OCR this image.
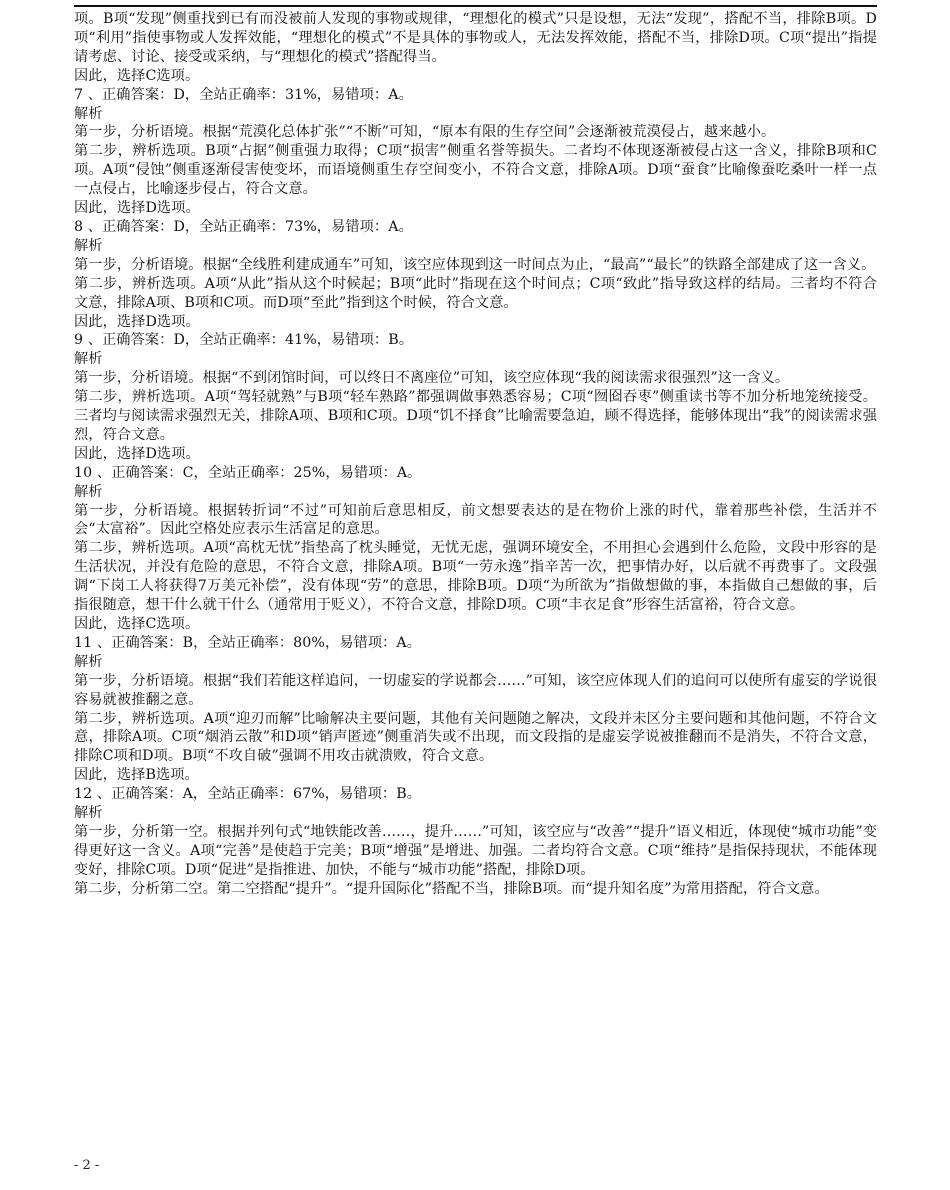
项。B项“发现”侧重找到已有而没被前人发现的事物或规律，“理想化的模式”只是设想，无法“发现”，搭配不当，排除B项。D项“利用”指使事物或人发挥效能，“理想化的模式”不是具体的事物或人，无法发挥效能，搭配不当，排除D项。C项“提出”指提请考虑、讨论、接受或采纳，与“理想化的模式”搭配得当。

因此，选择C选项。

7 、正确答案：D，全站正确率：31%，易错项：A。

解析

第一步，分析语境。根据“荒漠化总体扩张”“不断”可知，“原本有限的生存空间”会逐渐被荒漠侵占，越来越小。

第二步，辨析选项。B项“占据”侧重强力取得；C项“损害”侧重名誉等损失。二者均不体现逐渐被侵占这一含义，排除B项和C项。A项“侵蚀”侧重逐渐侵害使变坏，而语境侧重生存空间变小，不符合文意，排除A项。D项“蚕食”比喻像蚕吃桑叶一样一点一点侵占，比喻逐步侵占，符合文意。

因此，选择D选项。

8 、正确答案：D，全站正确率：73%，易错项：A。

解析

第一步，分析语境。根据“全线胜利建成通车”可知，该空应体现到这一时间点为止，“最高”“最长”的铁路全部建成了这一含义。

第二步，辨析选项。A项“从此”指从这个时候起；B项“此时”指现在这个时间点；C项“致此”指导致这样的结局。三者均不符合文意，排除A项、B项和C项。而D项“至此”指到这个时候，符合文意。

因此，选择D选项。

9 、正确答案：D，全站正确率：41%，易错项：B。

解析

第一步，分析语境。根据“不到闭馆时间，可以终日不离座位”可知，该空应体现“我的阅读需求很强烈”这一含义。

第二步，辨析选项。A项“驾轻就熟”与B项“轻车熟路”都强调做事熟悉容易；C项“囫囵吞枣”侧重读书等不加分析地笼统接受。三者均与阅读需求强烈无关，排除A项、B项和C项。D项“饥不择食”比喻需要急迫，顾不得选择，能够体现出“我”的阅读需求强烈，符合文意。

因此，选择D选项。

10 、正确答案：C，全站正确率：25%，易错项：A。

解析

第一步，分析语境。根据转折词“不过”可知前后意思相反，前文想要表达的是在物价上涨的时代，靠着那些补偿，生活并不会“太富裕”。因此空格处应表示生活富足的意思。

第二步，辨析选项。A项“高枕无忧”指垫高了枕头睡觉，无忧无虑，强调环境安全，不用担心会遇到什么危险，文段中形容的是生活状况，并没有危险的意思，不符合文意，排除A项。B项“一劳永逸”指辛苦一次，把事情办好，以后就不再费事了。文段强调“下岗工人将获得7万美元补偿”，没有体现“劳”的意思，排除B项。D项“为所欲为”指做想做的事，本指做自己想做的事，后指很随意，想干什么就干什么（通常用于贬义），不符合文意，排除D项。C项“丰衣足食”形容生活富裕，符合文意。

因此，选择C选项。

11 、正确答案：B，全站正确率：80%，易错项：A。

解析

第一步，分析语境。根据“我们若能这样追问，一切虚妄的学说都会……”可知，该空应体现人们的追问可以使所有虚妄的学说很容易就被推翻之意。

第二步，辨析选项。A项“迎刃而解”比喻解决主要问题，其他有关问题随之解决，文段并未区分主要问题和其他问题，不符合文意，排除A项。C项“烟消云散”和D项“销声匿迹”侧重消失或不出现，而文段指的是虚妄学说被推翻而不是消失，不符合文意，排除C项和D项。B项“不攻自破”强调不用攻击就溃败，符合文意。

因此，选择B选项。

12 、正确答案：A，全站正确率：67%，易错项：B。

解析

第一步，分析第一空。根据并列句式“地铁能改善……，提升……”可知，该空应与“改善”“提升”语义相近，体现使“城市功能”变得更好这一含义。A项“完善”是使趋于完美；B项“增强”是增进、加强。二者均符合文意。C项“维持”是指保持现状，不能体现变好，排除C项。D项“促进”是指推进、加快，不能与“城市功能”搭配，排除D项。

第二步，分析第二空。第二空搭配“提升”。“提升国际化”搭配不当，排除B项。而“提升知名度”为常用搭配，符合文意。

- 2 -
